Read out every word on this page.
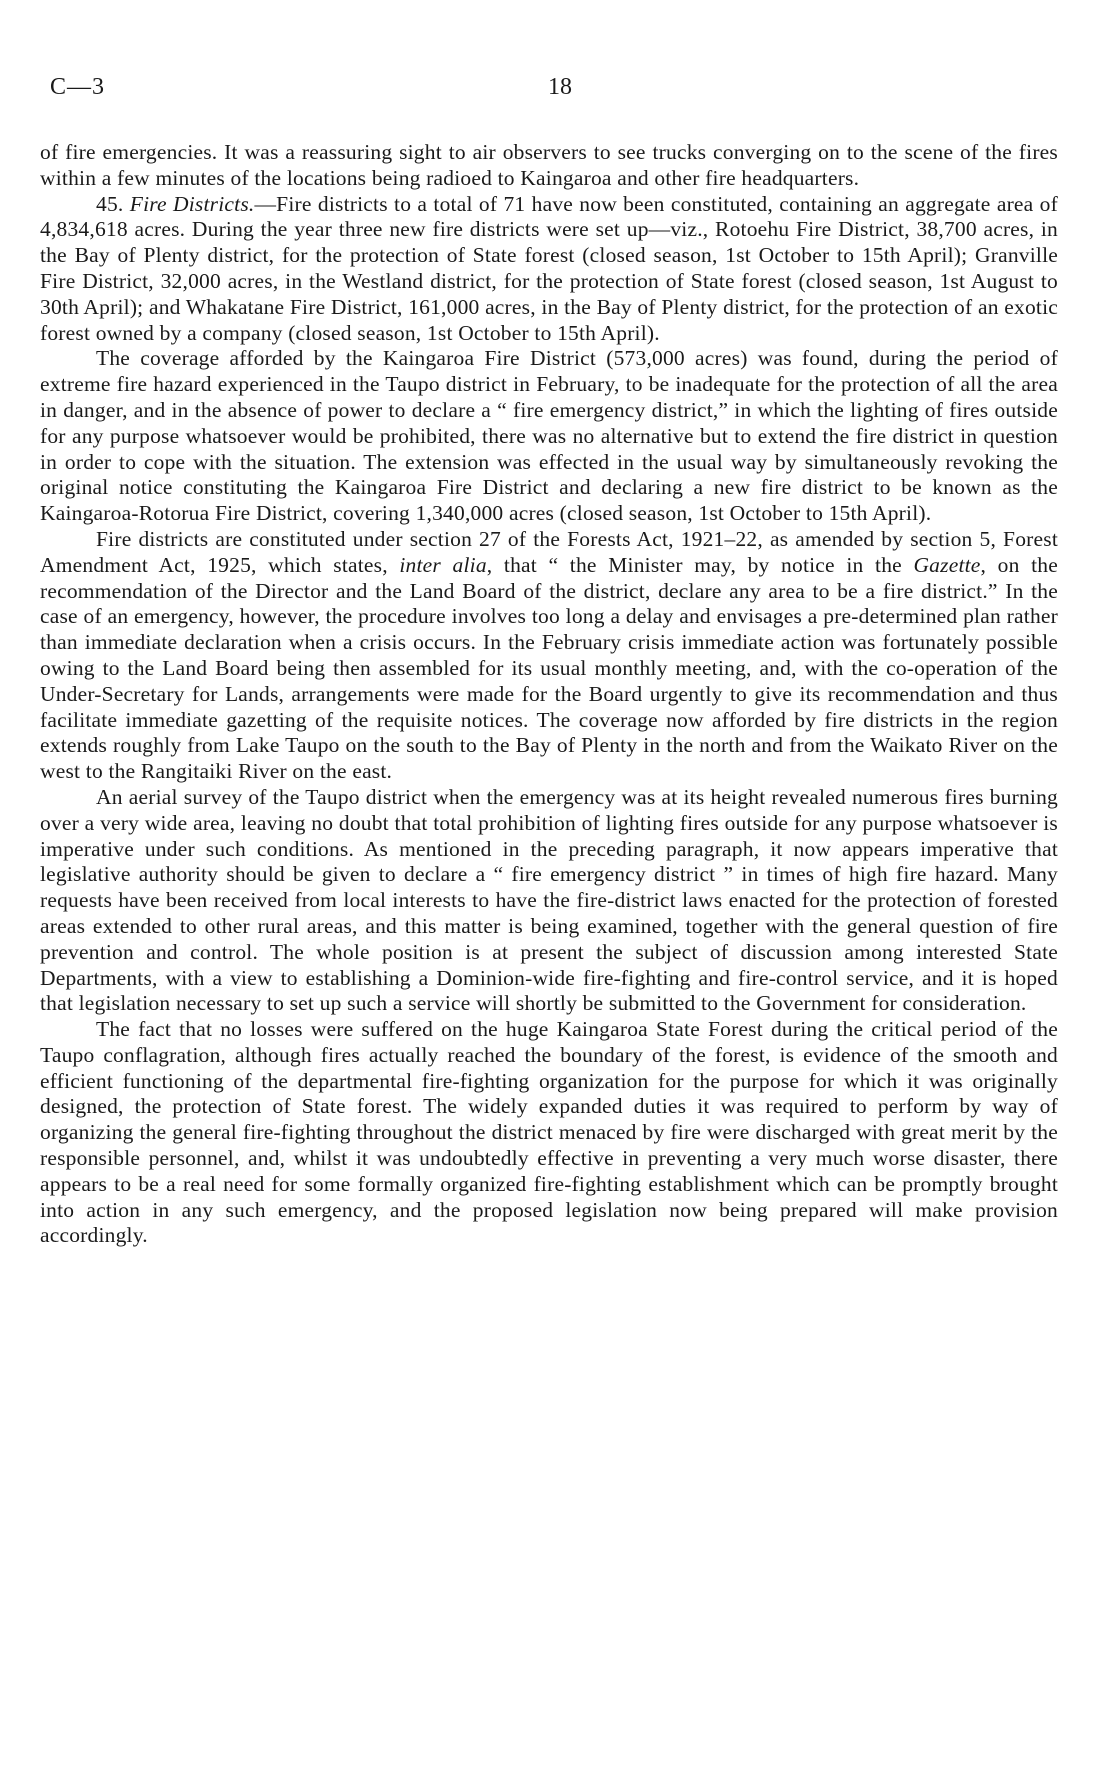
C—3	18

of fire emergencies. It was a reassuring sight to air observers to see trucks converging on to the scene of the fires within a few minutes of the locations being radioed to Kaingaroa and other fire headquarters.

45. Fire Districts.—Fire districts to a total of 71 have now been constituted, containing an aggregate area of 4,834,618 acres. During the year three new fire districts were set up—viz., Rotoehu Fire District, 38,700 acres, in the Bay of Plenty district, for the protection of State forest (closed season, 1st October to 15th April); Granville Fire District, 32,000 acres, in the Westland district, for the protection of State forest (closed season, 1st August to 30th April); and Whakatane Fire District, 161,000 acres, in the Bay of Plenty district, for the protection of an exotic forest owned by a company (closed season, 1st October to 15th April).

The coverage afforded by the Kaingaroa Fire District (573,000 acres) was found, during the period of extreme fire hazard experienced in the Taupo district in February, to be inadequate for the protection of all the area in danger, and in the absence of power to declare a “ fire emergency district,” in which the lighting of fires outside for any purpose whatsoever would be prohibited, there was no alternative but to extend the fire district in question in order to cope with the situation. The extension was effected in the usual way by simultaneously revoking the original notice constituting the Kaingaroa Fire District and declaring a new fire district to be known as the Kaingaroa-Rotorua Fire District, covering 1,340,000 acres (closed season, 1st October to 15th April).

Fire districts are constituted under section 27 of the Forests Act, 1921–22, as amended by section 5, Forest Amendment Act, 1925, which states, inter alia, that “ the Minister may, by notice in the Gazette, on the recommendation of the Director and the Land Board of the district, declare any area to be a fire district.” In the case of an emergency, however, the procedure involves too long a delay and envisages a pre-determined plan rather than immediate declaration when a crisis occurs. In the February crisis immediate action was fortunately possible owing to the Land Board being then assembled for its usual monthly meeting, and, with the co-operation of the Under-Secretary for Lands, arrangements were made for the Board urgently to give its recommendation and thus facilitate immediate gazetting of the requisite notices. The coverage now afforded by fire districts in the region extends roughly from Lake Taupo on the south to the Bay of Plenty in the north and from the Waikato River on the west to the Rangitaiki River on the east.

An aerial survey of the Taupo district when the emergency was at its height revealed numerous fires burning over a very wide area, leaving no doubt that total prohibition of lighting fires outside for any purpose whatsoever is imperative under such conditions. As mentioned in the preceding paragraph, it now appears imperative that legislative authority should be given to declare a “ fire emergency district ” in times of high fire hazard. Many requests have been received from local interests to have the fire-district laws enacted for the protection of forested areas extended to other rural areas, and this matter is being examined, together with the general question of fire prevention and control. The whole position is at present the subject of discussion among interested State Departments, with a view to establishing a Dominion-wide fire-fighting and fire-control service, and it is hoped that legislation necessary to set up such a service will shortly be submitted to the Government for consideration.

The fact that no losses were suffered on the huge Kaingaroa State Forest during the critical period of the Taupo conflagration, although fires actually reached the boundary of the forest, is evidence of the smooth and efficient functioning of the departmental fire-fighting organization for the purpose for which it was originally designed, the protection of State forest. The widely expanded duties it was required to perform by way of organizing the general fire-fighting throughout the district menaced by fire were discharged with great merit by the responsible personnel, and, whilst it was undoubtedly effective in preventing a very much worse disaster, there appears to be a real need for some formally organized fire-fighting establishment which can be promptly brought into action in any such emergency, and the proposed legislation now being prepared will make provision accordingly.
